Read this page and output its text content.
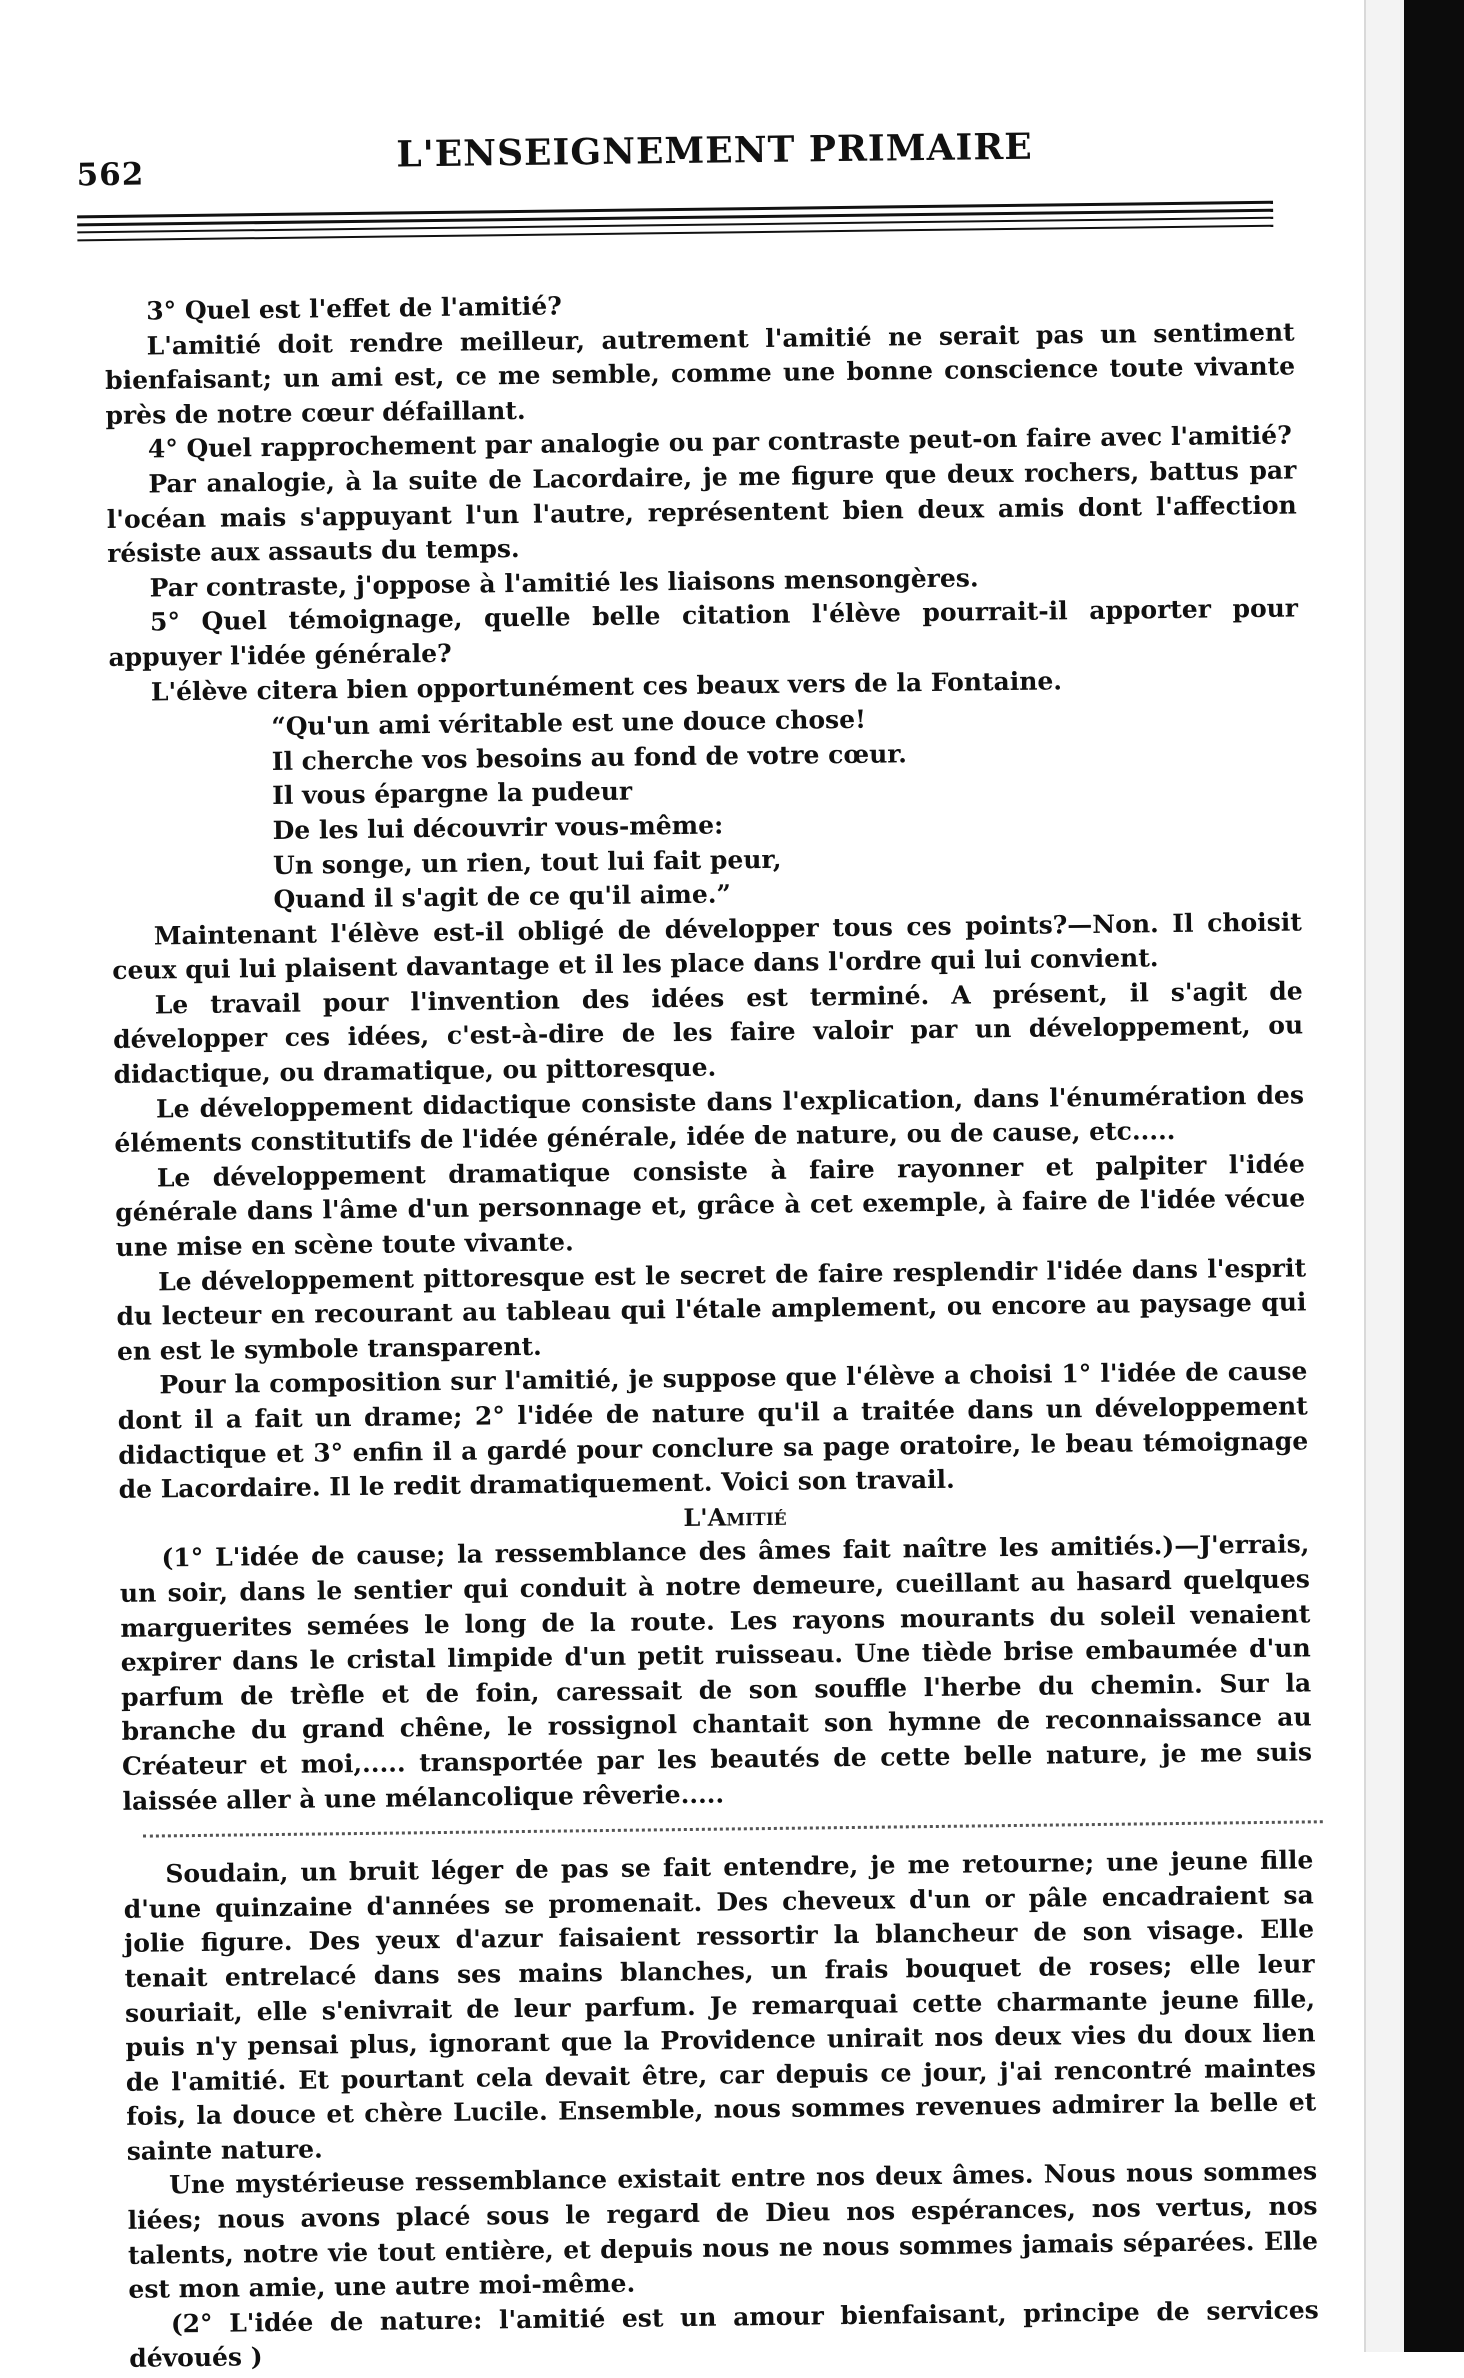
562	L'ENSEIGNEMENT PRIMAIRE

3° Quel est l'effet de l'amitié?

L'amitié doit rendre meilleur, autrement l'amitié ne serait pas un sentiment bienfaisant; un ami est, ce me semble, comme une bonne conscience toute vivante près de notre cœur défaillant.

4° Quel rapprochement par analogie ou par contraste peut-on faire avec l'amitié?

Par analogie, à la suite de Lacordaire, je me figure que deux rochers, battus par l'océan mais s'appuyant l'un l'autre, représentent bien deux amis dont l'affection résiste aux assauts du temps.

Par contraste, j'oppose à l'amitié les liaisons mensongères.

5° Quel témoignage, quelle belle citation l'élève pourrait-il apporter pour appuyer l'idée générale?

L'élève citera bien opportunément ces beaux vers de la Fontaine.

“Qu'un ami véritable est une douce chose!
Il cherche vos besoins au fond de votre cœur.
Il vous épargne la pudeur
De les lui découvrir vous-même:
Un songe, un rien, tout lui fait peur,
Quand il s'agit de ce qu'il aime.”

Maintenant l'élève est-il obligé de développer tous ces points?—Non. Il choisit ceux qui lui plaisent davantage et il les place dans l'ordre qui lui convient.

Le travail pour l'invention des idées est terminé. A présent, il s'agit de développer ces idées, c'est-à-dire de les faire valoir par un développement, ou didactique, ou dramatique, ou pittoresque.

Le développement didactique consiste dans l'explication, dans l'énumération des éléments constitutifs de l'idée générale, idée de nature, ou de cause, etc.....

Le développement dramatique consiste à faire rayonner et palpiter l'idée générale dans l'âme d'un personnage et, grâce à cet exemple, à faire de l'idée vécue une mise en scène toute vivante.

Le développement pittoresque est le secret de faire resplendir l'idée dans l'esprit du lecteur en recourant au tableau qui l'étale amplement, ou encore au paysage qui en est le symbole transparent.

Pour la composition sur l'amitié, je suppose que l'élève a choisi 1° l'idée de cause dont il a fait un drame; 2° l'idée de nature qu'il a traitée dans un développement didactique et 3° enfin il a gardé pour conclure sa page oratoire, le beau témoignage de Lacordaire. Il le redit dramatiquement. Voici son travail.

L'Amitié

(1° L'idée de cause; la ressemblance des âmes fait naître les amitiés.)—J'errais, un soir, dans le sentier qui conduit à notre demeure, cueillant au hasard quelques marguerites semées le long de la route. Les rayons mourants du soleil venaient expirer dans le cristal limpide d'un petit ruisseau. Une tiède brise embaumée d'un parfum de trèfle et de foin, caressait de son souffle l'herbe du chemin. Sur la branche du grand chêne, le rossignol chantait son hymne de reconnaissance au Créateur et moi,..... transportée par les beautés de cette belle nature, je me suis laissée aller à une mélancolique rêverie.....

Soudain, un bruit léger de pas se fait entendre, je me retourne; une jeune fille d'une quinzaine d'années se promenait. Des cheveux d'un or pâle encadraient sa jolie figure. Des yeux d'azur faisaient ressortir la blancheur de son visage. Elle tenait entrelacé dans ses mains blanches, un frais bouquet de roses; elle leur souriait, elle s'enivrait de leur parfum. Je remarquai cette charmante jeune fille, puis n'y pensai plus, ignorant que la Providence unirait nos deux vies du doux lien de l'amitié. Et pourtant cela devait être, car depuis ce jour, j'ai rencontré maintes fois, la douce et chère Lucile. Ensemble, nous sommes revenues admirer la belle et sainte nature.

Une mystérieuse ressemblance existait entre nos deux âmes. Nous nous sommes liées; nous avons placé sous le regard de Dieu nos espérances, nos vertus, nos talents, notre vie tout entière, et depuis nous ne nous sommes jamais séparées. Elle est mon amie, une autre moi-même.

(2° L'idée de nature: l'amitié est un amour bienfaisant, principe de services dévoués )
